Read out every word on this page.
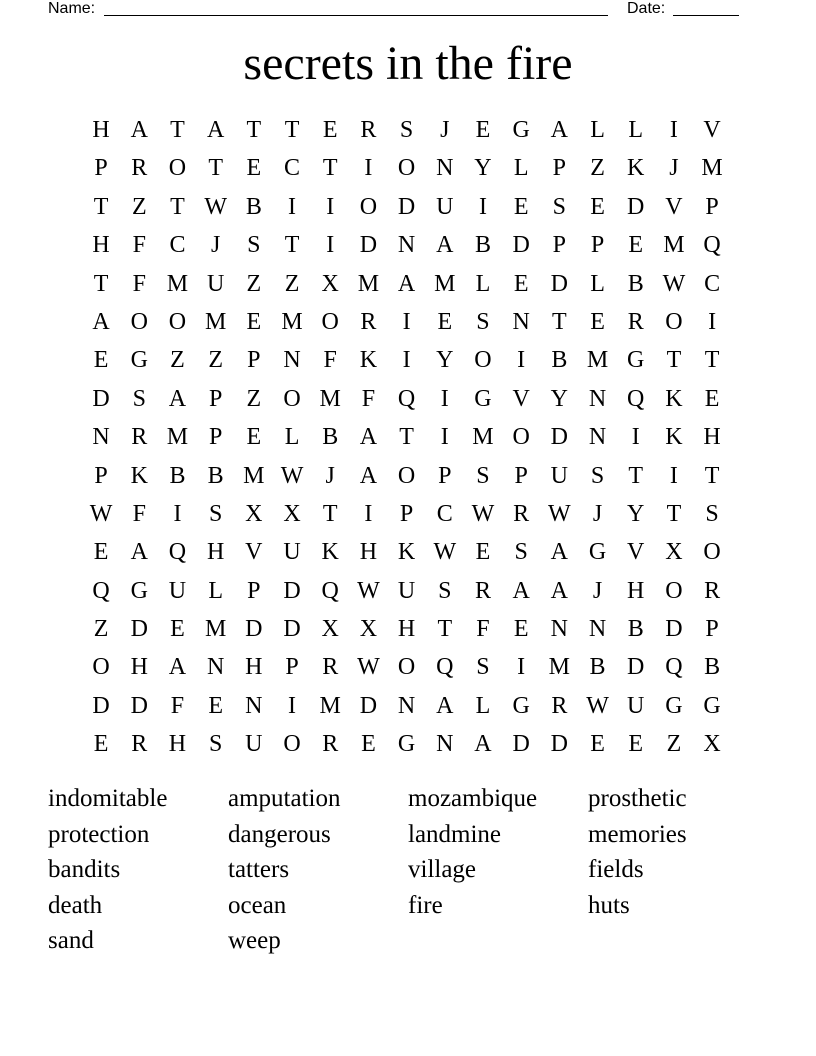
Name:	Date:
secrets in the fire
H A T A T T E R S	J	E G A L L	I	V
P R O T E C T	I	O N Y L	P	Z K	J M
T Z T W B	I	I	O D U	I	E	S	E D V P
H F C	J	S	T	I	D N A B D P	P	E M Q
T	F M U Z Z X M A M L E D L B W C
A O O M E M O R	I	E	S N T E R O	I
E G Z Z	P N F K	I	Y O	I	B M G T T
D S A P	Z O M F Q	I	G V Y N Q K E
N R M P	E L B A T	I M O D N	I	K H
P K B B M W J	A O P	S	P U S	T	I	T
W F	I	S X X T	I	P C W R W J	Y T	S
E A Q H V U K H K W E	S A G V X O
Q G U L	P D Q W U S R A A	J	H O R
Z D E M D D X X H T	F	E N N B D P
O H A N H P R W O Q S	I M B D Q B
D D F	E N	I M D N A L G R W U G G
E R H S U O R E G N A D D E E Z X
indomitable	amputation	mozambique	prosthetic
protection	dangerous	landmine	memories
bandits	tatters	village	fields
death	ocean	fire	huts
sand	weep
